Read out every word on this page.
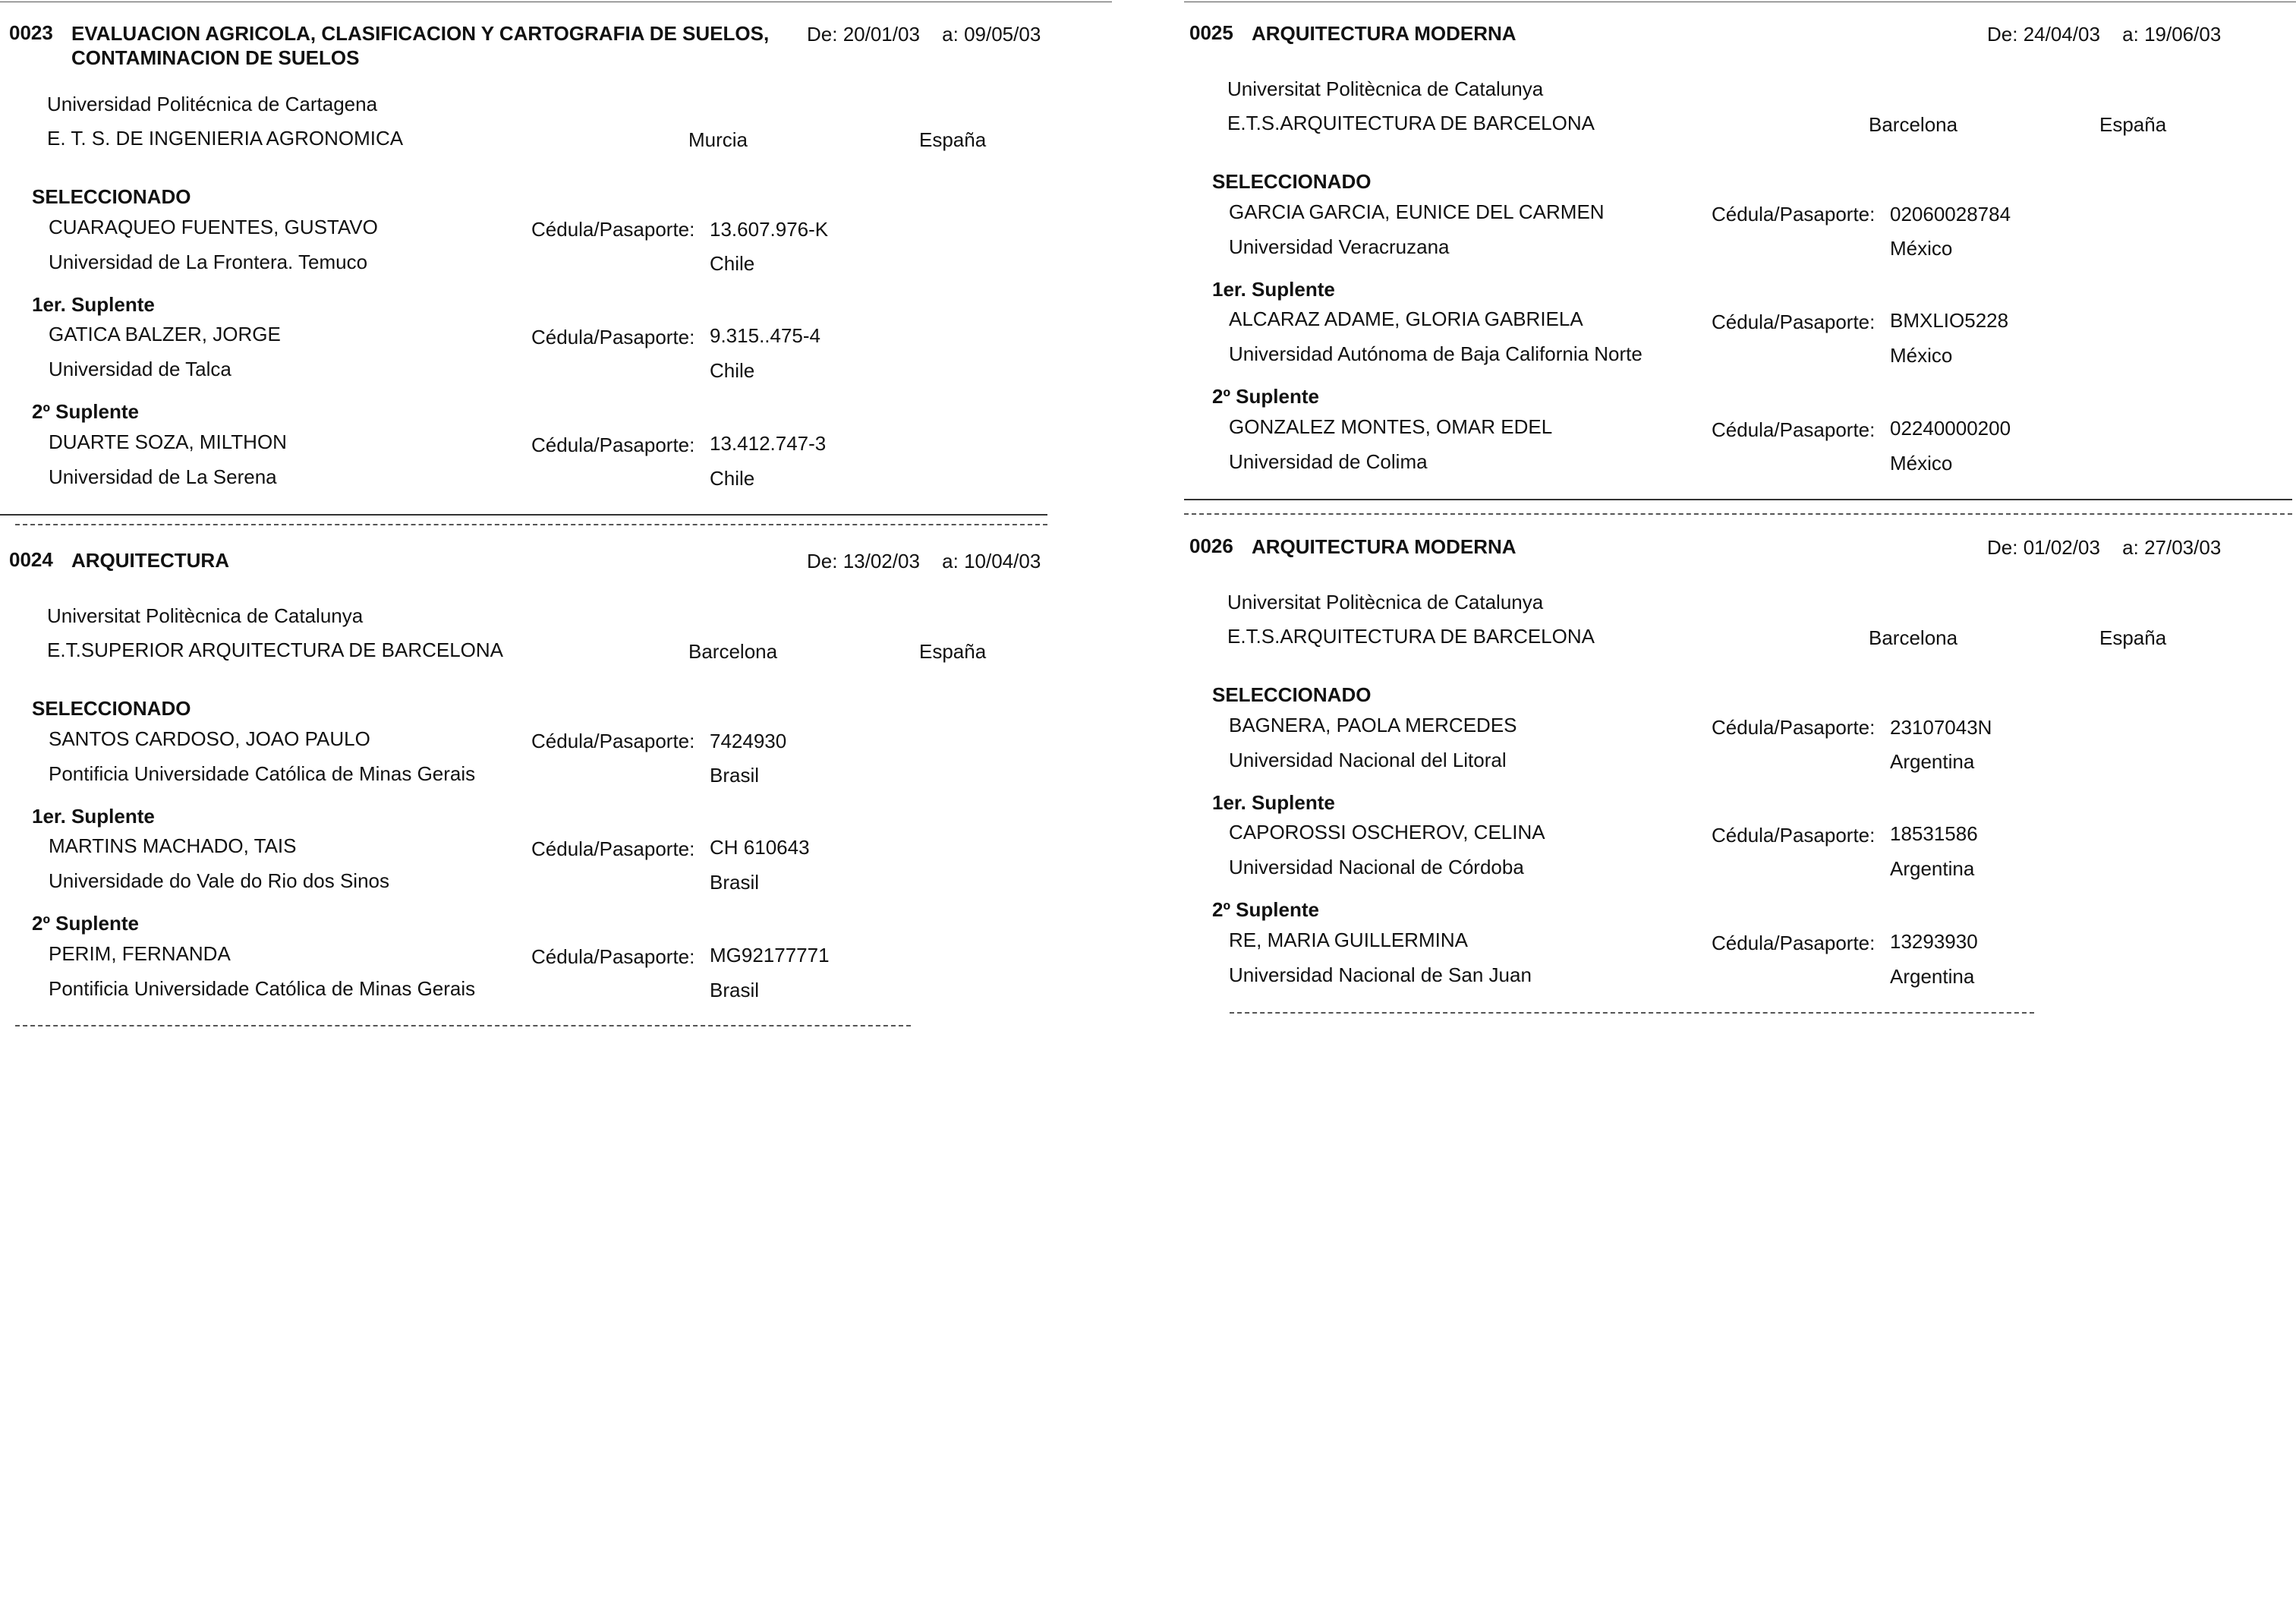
0023 EVALUACION AGRICOLA, CLASIFICACION Y CARTOGRAFIA DE SUELOS, CONTAMINACION DE SUELOS
De: 20/01/03 a: 09/05/03
Universidad Politécnica de Cartagena
E. T. S. DE INGENIERIA AGRONOMICA	Murcia	España
SELECCIONADO
CUARAQUEO FUENTES, GUSTAVO	Cédula/Pasaporte: 13.607.976-K
Universidad de La Frontera. Temuco	Chile
1er. Suplente
GATICA BALZER, JORGE	Cédula/Pasaporte: 9.315..475-4
Universidad de Talca	Chile
2º Suplente
DUARTE SOZA, MILTHON	Cédula/Pasaporte: 13.412.747-3
Universidad de La Serena	Chile
0025 ARQUITECTURA MODERNA	De: 24/04/03 a: 19/06/03
Universitat Politècnica de Catalunya
E.T.S.ARQUITECTURA DE BARCELONA	Barcelona	España
SELECCIONADO
GARCIA GARCIA, EUNICE DEL CARMEN	Cédula/Pasaporte: 02060028784
Universidad Veracruzana	México
1er. Suplente
ALCARAZ ADAME, GLORIA GABRIELA	Cédula/Pasaporte: BMXLIO5228
Universidad Autónoma de Baja California Norte	México
2º Suplente
GONZALEZ MONTES, OMAR EDEL	Cédula/Pasaporte: 02240000200
Universidad de Colima	México
0024 ARQUITECTURA	De: 13/02/03 a: 10/04/03
Universitat Politècnica de Catalunya
E.T.SUPERIOR ARQUITECTURA DE BARCELONA	Barcelona	España
SELECCIONADO
SANTOS CARDOSO, JOAO PAULO	Cédula/Pasaporte: 7424930
Pontificia Universidade Católica de Minas Gerais	Brasil
1er. Suplente
MARTINS MACHADO, TAIS	Cédula/Pasaporte: CH 610643
Universidade do Vale do Rio dos Sinos	Brasil
2º Suplente
PERIM, FERNANDA	Cédula/Pasaporte: MG92177771
Pontificia Universidade Católica de Minas Gerais	Brasil
0026 ARQUITECTURA MODERNA	De: 01/02/03 a: 27/03/03
Universitat Politècnica de Catalunya
E.T.S.ARQUITECTURA DE BARCELONA	Barcelona	España
SELECCIONADO
BAGNERA, PAOLA MERCEDES	Cédula/Pasaporte: 23107043N
Universidad Nacional del Litoral	Argentina
1er. Suplente
CAPOROSSI OSCHEROV, CELINA	Cédula/Pasaporte: 18531586
Universidad Nacional de Córdoba	Argentina
2º Suplente
RE, MARIA GUILLERMINA	Cédula/Pasaporte: 13293930
Universidad Nacional de San Juan	Argentina
